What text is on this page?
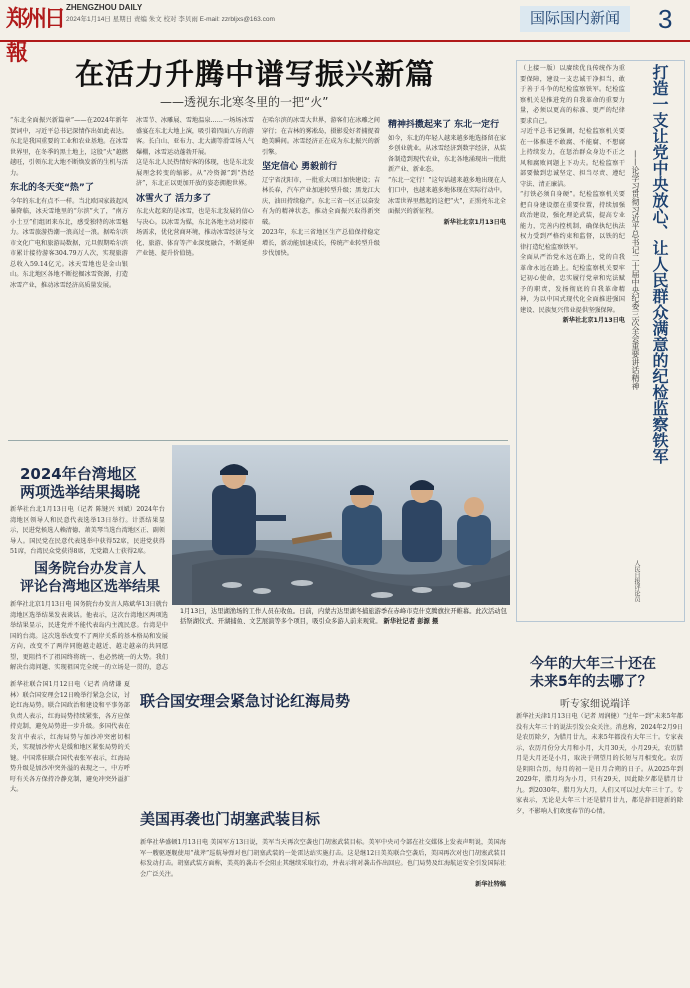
郑州日報
ZHENGZHOU DAILY
2024年1月14日 星期日 责编 朱文 校对 李贝雨 E-mail: zzrbljxs@163.com	国际国内新闻	3
在活力升腾中谱写振兴新篇
——透视东北寒冬里的一把“火”
“东北全面振兴新篇章”——在2024年新年贺词中，习近平总书记深情作出如此表达。东北是我国重要的工业和农业基地。在冰雪世界里，在冬季的黑土地上，这股“火”越燃越旺，引领东北大地不断焕发新的生机与活力。
东北的冬天变“热”了
今年的东北有点不一样。当北欧国家鼓起风暴降临，冰天雪地里的“尔滨”火了，“南方小土豆”们组团来东北，感受独特的冰雪魅力。冰雪旅游热潮一浪高过一浪。据哈尔滨市文化广电和旅游局数据，元旦假期哈尔滨市累计接待游客304.79万人次，实现旅游总收入59.14亿元。冰天雪地也是金山银山。东北地区各地不断挖掘冰雪资源，打造冰雪产业，推动冰雪经济高质量发展。
冰雪节、冰雕展、雪地温泉……一场场冰雪盛宴在东北大地上演，吸引着四面八方的游客。长白山、亚布力、北大湖等滑雪场人气爆棚，冰雪运动蓬勃开展。
这是东北人民热情好客的体现，也是东北发展理念转变的缩影。从“冷资源”到“热经济”，东北正以更加开放的姿态拥抱世界。
冰雪火了 活力多了
东北火起来的是冰雪，也是东北发展的信心与决心。以冰雪为媒，东北各地主动对接市场需求，优化营商环境，推动冰雪经济与文化、旅游、体育等产业深度融合，不断延伸产业链、提升价值链。
在哈尔滨的冰雪大世界，游客们在冰雕之间穿行；在吉林的雾凇岛，摄影爱好者捕捉着绝美瞬间。冰雪经济正在成为东北振兴的新引擎。
坚定信心 勇毅前行
辽宁省沈阳市，一批重大项目加快建设；吉林长春，汽车产业加速转型升级；黑龙江大庆，油田持续稳产。东北三省一区正以奋发有为的精神状态，推动全面振兴取得新突破。
2023年，东北三省地区生产总值保持稳定增长，新动能加速成长，传统产业转型升级步伐加快。
精神抖擞起来了 东北一定行
如今，东北的年轻人越来越多地选择留在家乡创业就业。从冰雪经济到数字经济，从装备制造到现代农业，东北各地涌现出一批批新产业、新业态。
“东北一定行！”这句话越来越多地出现在人们口中，也越来越多地体现在实际行动中。冰雪世界里燃起的这把“火”，正照亮东北全面振兴的新征程。
新华社北京1月13日电
2024年台湾地区
两项选举结果揭晓
新华社台北1月13日电（记者 陈键兴 刘斌）2024年台湾地区领导人和民意代表选举13日举行。计票结果显示，民进党候选人赖清德、萧美琴当选台湾地区正、副领导人。国民党在民意代表选举中获得52席，民进党获得51席，台湾民众党获得8席，无党籍人士获得2席。
国务院台办发言人
评论台湾地区选举结果
新华社北京1月13日电 国务院台办发言人陈斌华13日就台湾地区选举结果发表谈话。他表示，这次台湾地区两项选举结果显示，民进党并不能代表岛内主流民意。台湾是中国的台湾。这次选举改变不了两岸关系的基本格局和发展方向，改变不了两岸同胞越走越近、越走越亲的共同愿望，更阻挡不了祖国终将统一、也必然统一的大势。我们解决台湾问题、实现祖国完全统一的立场是一贯的，意志
1月13日，达里湖渔场的工作人员在收鱼。日前，内蒙古达里湖冬捕旅游季在赤峰市克什克腾旗拉开帷幕。此次活动包括祭湖仪式、开湖捕鱼、文艺展演等多个项目，吸引众多游人前来观赏。 新华社记者 彭源 摄
（上接一版）以赓续优良传统作为重要保障，建设一支忠诚干净担当、敢于善于斗争的纪检监察铁军。纪检监察机关是推进党的自我革命的重要力量，必须以更高的标准、更严的纪律要求自己。
习近平总书记强调，纪检监察机关要在一体推进不敢腐、不能腐、不想腐上持续发力，在惩治群众身边不正之风和腐败问题上下功夫。纪检监察干部要做到忠诚坚定、担当尽责、遵纪守法、清正廉洁。
“打铁必须自身硬”。纪检监察机关要把自身建设摆在重要位置，持续加强政治建设，强化理论武装，提高专业能力，完善内控机制，确保执纪执法权力受到严格约束和监督，以铁的纪律打造纪检监察铁军。
全面从严治党永远在路上，党的自我革命永远在路上。纪检监察机关要牢记初心使命，忠实履行党章和宪法赋予的职责，发扬彻底的自我革命精神，为以中国式现代化全面推进强国建设、民族复兴伟业提供坚强保障。
新华社北京1月13日电 打造一支让党中央放心、让人民群众满意的纪检监察铁军
——论学习贯彻习近平总书记二十届中央纪委三次全会重要讲话精神
人民日报评论员
今年的大年三十还在
未来5年的去哪了？
听专家细说端详
新华社天津1月13日电（记者 周润健）“过年一到”未来5年都没有大年三十的说法引发公众关注。消息称，2024年2月9日是农历除夕，为腊月廿九，未来5年都没有大年三十。专家表示，农历月份分大月和小月，大月30天，小月29天，农历腊月是大月还是小月，取决于朔望月的长短与月相变化。农历是阴阳合历，每月的初一是日月合朔的日子。从2025年到2029年，腊月均为小月，只有29天，因此除夕都是腊月廿九。到2030年，腊月为大月，人们又可以过大年三十了。专家表示，无论是大年三十还是腊月廿九，都是辞旧迎新的除夕，不影响人们欢度春节的心情。
联合国安理会紧急讨论红海局势
新华社联合国1月12日电（记者 尚绪谦 夏林）联合国安理会12日晚举行紧急会议，讨论红海局势。联合国政治和建设和平事务部负责人表示，红海局势持续紧张，各方应保持克制，避免局势进一步升级。多国代表在发言中表示，红海局势与加沙冲突密切相关，实现加沙停火是缓和地区紧张局势的关键。中国常驻联合国代表张军表示，红海局势升级是加沙冲突外溢的表现之一，中方呼吁有关各方保持冷静克制，避免冲突外溢扩大。
美国再袭也门胡塞武装目标
新华社华盛顿1月13日电 美国军方13日说，美军当天再次空袭也门胡塞武装目标。美军中央司令部在社交媒体上发表声明说，美国海军一艘驱逐舰使用“战斧”巡航导弹对也门胡塞武装的一处雷达站实施打击。这是继12日美英联合空袭后，美国再次对也门胡塞武装目标发动打击。胡塞武装方面称，美英的袭击不会阻止其继续采取行动，并表示将对袭击作出回应。也门局势及红海航运安全引发国际社会广泛关注。
新华社特稿
